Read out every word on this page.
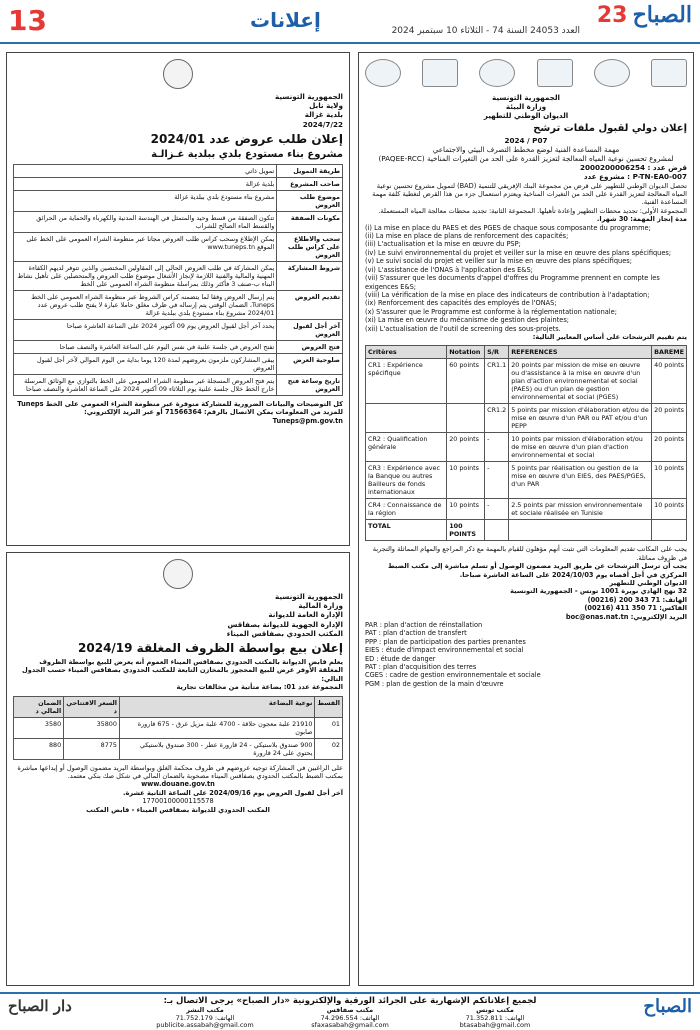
13	إعلانات	العدد 24053 السنة 74 - الثلاثاء 10 سبتمبر 2024
الصباح 23
الجمهورية التونسية
وزارة البيئة
الديوان الوطني للتطهير
إعلان دولي لقبول ملفات ترشح
2024 / P07
مهمة المساعدة الفنية لوضع مخطط التصرف البيئي والاجتماعي
لمشروع تحسين نوعية المياه المعالجة لتعزيز القدرة على الحد من التغيرات المناخية (PAQEE-RCC)
قرض عدد : 2000200006254
P-TN-EA0-007 : مشروع عدد

تحصل الديوان الوطني للتطهير على قرض من مجموعة البنك الإفريقي للتنمية (BAD) لتمويل مشروع تحسين نوعية المياه المعالجة لتعزيز القدرة على الحد من التغيرات المناخية ويعتزم استعمال جزء من هذا القرض لتغطية كلفة مهمة المساعدة الفنية.

المجموعة الأولى: تجديد محطات التطهير وإعادة تأهيلها. المجموعة الثانية: تجديد محطات معالجة المياه المستعملة.

مدة إنجاز المهمة: 30 شهرا.

(i) La mise en place du PAES et des PGES de chaque sous composante du programme;
(ii) La mise en place de plans de renforcement des capacités;
(iii) L'actualisation et la mise en œuvre du PSP;
(iv) Le suivi environnemental du projet et veiller sur la mise en œuvre des plans spécifiques;
(v) Le suivi social du projet et veiller sur la mise en œuvre des plans spécifiques;
(vi) L'assistance de l'ONAS à l'application des E&S;
(vii) S'assurer que les documents d'appel d'offres du Programme prennent en compte les exigences E&S;
(viii) La vérification de la mise en place des indicateurs de contribution à l'adaptation;
(ix) Renforcement des capacités des employés de l'ONAS;
(x) S'assurer que le Programme est conforme à la réglementation nationale;
(xi) La mise en œuvre du mécanisme de gestion des plaintes;
(xii) L'actualisation de l'outil de screening des sous-projets.

يتم تقييم الترشحات على أساس المعايير التالية:

Critères	Notation	S/R	REFERENCES	BAREME
CR1 : Expérience spécifique	60 points	CR1.1	20 points par mission de mise en œuvre ou d'assistance à la mise en œuvre d'un plan d'action environnemental et social (PAES) ou d'un plan de gestion environnemental et social (PGES)	40 points
		CR1.2	5 points par mission d'élaboration et/ou de mise en œuvre d'un PAR ou PAT et/ou d'un PEPP	20 points
CR2 : Qualification générale	20 points	-	10 points par mission d'élaboration et/ou de mise en œuvre d'un plan d'action environnemental et social	20 points
CR3 : Expérience avec la Banque ou autres Bailleurs de fonds internationaux	10 points	-	5 points par réalisation ou gestion de la mise en œuvre d'un EIES, des PAES/PGES, d'un PAR	10 points
CR4 : Connaissance de la région	10 points	-	2.5 points par mission environnementale et sociale réalisée en Tunisie	10 points
TOTAL	100 POINTS			

يجب على المكاتب تقديم المعلومات التي تثبت أنهم مؤهلون للقيام بالمهمة مع ذكر المراجع والمهام المماثلة والتجربة في ظروف مماثلة.

يجب أن ترسل الترشحات عن طريق البريد مضمون الوصول أو تسلم مباشرة إلى مكتب الضبط المركزي في أجل أقصاه يوم 2024/10/03 على الساعة العاشرة صباحا.

الديوان الوطني للتطهير
32 نهج الهادي نويرة 1001 تونس - الجمهورية التونسية
الهاتف: 71 343 200 (00216)
الفاكس: 71 350 411 (00216)
البريد الإلكتروني: boc@onas.nat.tn
PAR : plan d'action de réinstallation
PAT : plan d'action de transfert
PPP : plan de participation des parties prenantes
EIES : étude d'impact environnemental et social
ED : étude de danger
PAT : plan d'acquisition des terres
CGES : cadre de gestion environnementale et sociale
PGM : plan de gestion de la main d'œuvre
الجمهورية التونسية
ولاية نابل
بلدية غزالة
2024/7/22
إعلان طلب عروض عدد 2024/01
مشروع بناء مستودع بلدي ببلدية غـزالـة
طريقة التمويل	تمويل ذاتي
صاحب المشروع	بلدية غزالة
موضوع طلب العروض	مشروع بناء مستودع بلدي ببلدية غزالة
مكونات الصفقة	تتكون الصفقة من قسط وحيد والمتمثل في الهندسة المدنية والكهرباء والحماية من الحرائق والقسط الماء الصالح للشراب
سحب والاطلاع على كراس طلب العروض	يمكن الإطلاع وسحب كراس طلب العروض مجانا عبر منظومة الشراء العمومي على الخط على الموقع www.tuneps.tn
شروط المشاركة	يمكن المشاركة في طلب العروض الحالي إلى المقاولين المختصين والذين تتوفر لديهم الكفاءة المهنية والمالية والفنية اللازمة لإنجاز الأشغال موضوع طلب العروض والمتحصلين على تأهيل نشاط البناء ب-صنف 3 فأكثر وذلك بمراسلة منظومة الشراء العمومي على الخط
تقديم العروض	يتم إرسال العروض وفقا لما يتضمنه كراس الشروط عبر منظومة الشراء العمومي على الخط Tuneps، الضمان الوقتي يتم إرساله في ظرف مغلق حاملا عبارة لا يفتح طلب عروض عدد 2024/01 مشروع بناء مستودع بلدي ببلدية غزالة
آخر أجل لقبول العروض	يحدد آخر أجل لقبول العروض يوم 09 أكتوبر 2024 على الساعة العاشرة صباحا
فتح العروض	تفتح العروض في جلسة علنية في نفس اليوم على الساعة العاشرة والنصف صباحا
صلوحية العرض	يبقى المشاركون ملزمون بعروضهم لمدة 120 يوما بداية من اليوم الموالي لآخر أجل لقبول العروض
تاريخ وساعة فتح العروض	يتم فتح العروض المسجلة عبر منظومة الشراء العمومي على الخط بالتوازي مع الوثائق المرسلة خارج الخط خلال جلسة علنية يوم الثلاثاء 09 أكتوبر 2024 على الساعة العاشرة والنصف صباحا

كل التوضيحات والبيانات الضرورية للمشاركة متوفرة عبر منظومة الشراء العمومي على الخط Tuneps

للمزيد من المعلومات يمكن الاتصال بالرقم: 71566364 أو عبر البريد الإلكتروني: Tuneps@pm.gov.tn

الجمهورية التونسية
وزارة المالية
الإدارة العامة للديوانة
الإدارة الجهوية للديوانة بصفاقس
المكتب الحدودي بصفاقس الميناء
إعلان بيع بواسطة الظروف المغلقة 2024/19

يعلم قابض الديوانة بالمكتب الحدودي بصفاقس الميناء العموم أنه يعرض للبيع بواسطة الظروف المغلقة الأوفر عرض للبيع المحجوز بالمخازن التابعة للمكتب الحدودي بصفاقس الميناء حسب الجدول التالي:

المجموعة عدد 01: بضاعة متأتية من مخالفات تجارية

القسط	نوعية البضاعة	السعر الافتتاحي د	الضمان المالي د
01	21910 علبة معجون حلاقة - 4700 علبة مزيل عرق - 675 قارورة صابون	35800	3580
02	900 صندوق بلاستيكي - 24 قارورة عطر - 300 صندوق بلاستيكي يحتوي على 24 قارورة	8775	880

على الراغبين في المشاركة توجيه عروضهم في ظروف محكمة الغلق وبواسطة البريد مضمون الوصول أو إيداعها مباشرة بمكتب الضبط بالمكتب الحدودي بصفاقس الميناء مصحوبة بالضمان المالي في شكل صك بنكي معتمد.

www.douane.gov.tn

آخر أجل لقبول العروض يوم 2024/09/16 على الساعة الثانية عشرة.

17700100000115578

المكتب الحدودي للديوانة بصفاقس الميناء - قابض المكتب

الصباح
دار الصباح	لجميع إعلاناتكم الإشهارية على الجرائد الورقية والإلكترونية «دار الصباح» يرجى الاتصال بـ:
مكتب تونس
الهاتف: 71.352.811
btasabah@gmail.com
مكتب صفاقس
الهاتف: 74.296.554
sfaxasabah@gmail.com
مكتب النشر
الهاتف: 71.752.179
publicite.assabah@gmail.com
